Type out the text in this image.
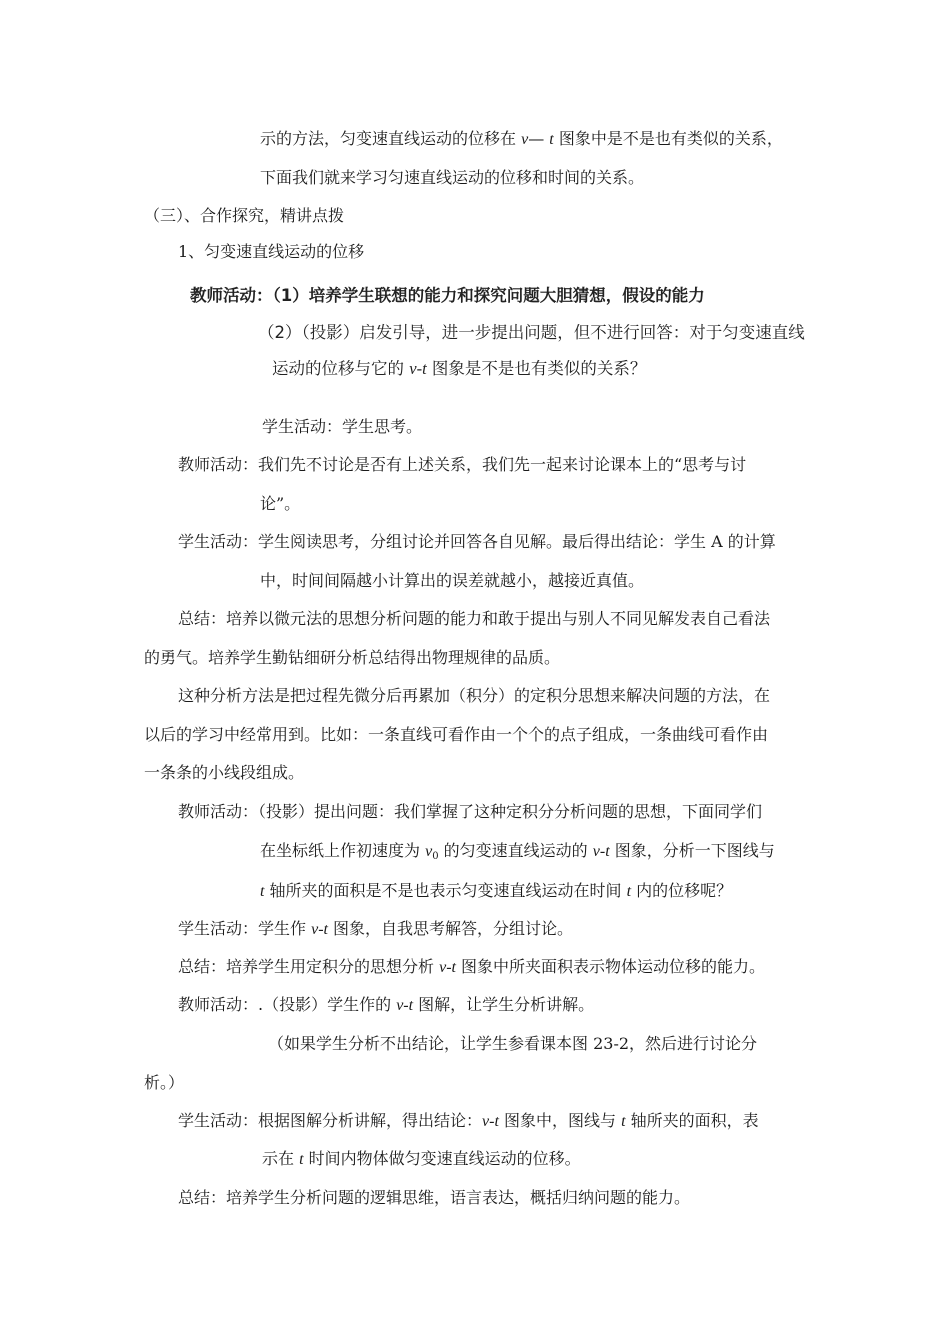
示的方法，匀变速直线运动的位移在 v— t 图象中是不是也有类似的关系，
下面我们就来学习匀速直线运动的位移和时间的关系。
（三）、合作探究，精讲点拨
1、匀变速直线运动的位移
教师活动：（1）培养学生联想的能力和探究问题大胆猜想，假设的能力
（2）（投影）启发引导，进一步提出问题，但不进行回答：对于匀变速直线
运动的位移与它的 v-t 图象是不是也有类似的关系？
学生活动：学生思考。
教师活动：我们先不讨论是否有上述关系，我们先一起来讨论课本上的“思考与讨
论”。
学生活动：学生阅读思考，分组讨论并回答各自见解。最后得出结论：学生 A 的计算
中，时间间隔越小计算出的误差就越小，越接近真值。
总结：培养以微元法的思想分析问题的能力和敢于提出与别人不同见解发表自己看法
的勇气。培养学生勤钻细研分析总结得出物理规律的品质。
这种分析方法是把过程先微分后再累加（积分）的定积分思想来解决问题的方法，在
以后的学习中经常用到。比如：一条直线可看作由一个个的点子组成，一条曲线可看作由
一条条的小线段组成。
教师活动：（投影）提出问题：我们掌握了这种定积分分析问题的思想，下面同学们
在坐标纸上作初速度为 $v_0$ 的匀变速直线运动的 v-t 图象，分析一下图线与
t 轴所夹的面积是不是也表示匀变速直线运动在时间 t 内的位移呢？
学生活动：学生作 v-t 图象，自我思考解答，分组讨论。
总结：培养学生用定积分的思想分析 v-t 图象中所夹面积表示物体运动位移的能力。
教师活动：.（投影）学生作的 v-t 图解，让学生分析讲解。
（如果学生分析不出结论，让学生参看课本图 23-2，然后进行讨论分
析。）
学生活动：根据图解分析讲解，得出结论：v-t 图象中，图线与 t 轴所夹的面积，表
示在 t 时间内物体做匀变速直线运动的位移。
总结：培养学生分析问题的逻辑思维，语言表达，概括归纳问题的能力。
